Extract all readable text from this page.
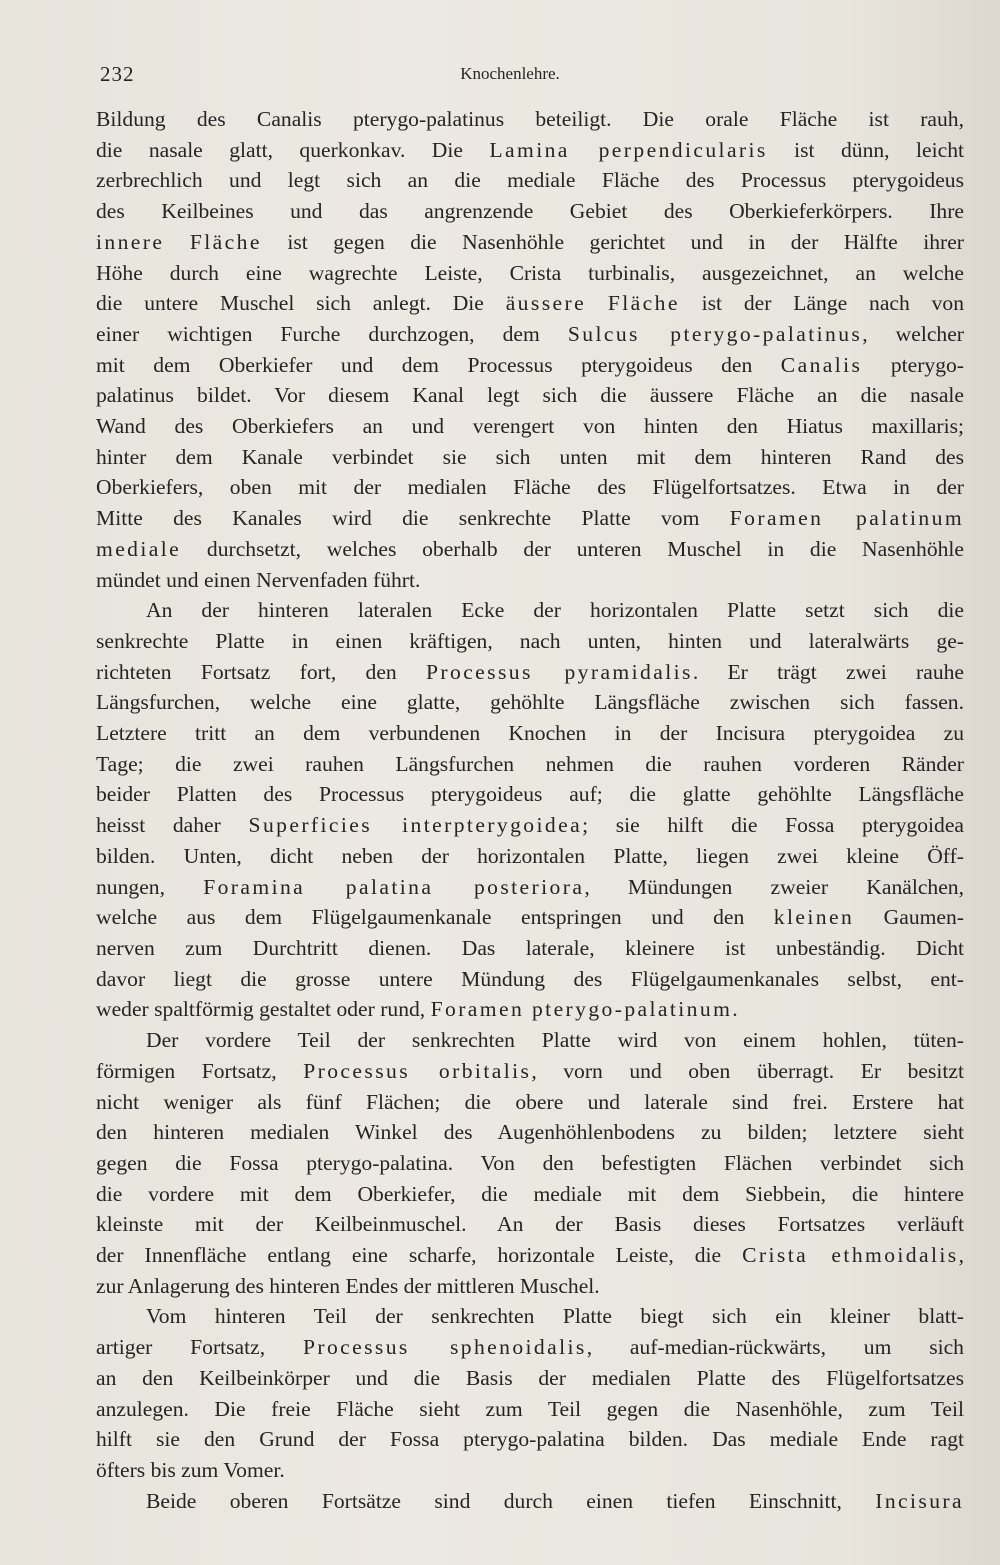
232	Knochenlehre.
Bildung des Canalis pterygo-palatinus beteiligt. Die orale Fläche ist rauh,
die nasale glatt, querkonkav. Die Lamina perpendicularis ist dünn, leicht
zerbrechlich und legt sich an die mediale Fläche des Processus pterygoideus
des Keilbeines und das angrenzende Gebiet des Oberkieferkörpers. Ihre
innere Fläche ist gegen die Nasenhöhle gerichtet und in der Hälfte ihrer
Höhe durch eine wagrechte Leiste, Crista turbinalis, ausgezeichnet, an welche
die untere Muschel sich anlegt. Die äussere Fläche ist der Länge nach von
einer wichtigen Furche durchzogen, dem Sulcus pterygo-palatinus, welcher
mit dem Oberkiefer und dem Processus pterygoideus den Canalis pterygo-
palatinus bildet. Vor diesem Kanal legt sich die äussere Fläche an die nasale
Wand des Oberkiefers an und verengert von hinten den Hiatus maxillaris;
hinter dem Kanale verbindet sie sich unten mit dem hinteren Rand des
Oberkiefers, oben mit der medialen Fläche des Flügelfortsatzes. Etwa in der
Mitte des Kanales wird die senkrechte Platte vom Foramen palatinum
mediale durchsetzt, welches oberhalb der unteren Muschel in die Nasenhöhle
mündet und einen Nervenfaden führt.
An der hinteren lateralen Ecke der horizontalen Platte setzt sich die
senkrechte Platte in einen kräftigen, nach unten, hinten und lateralwärts ge-
richteten Fortsatz fort, den Processus pyramidalis. Er trägt zwei rauhe
Längsfurchen, welche eine glatte, gehöhlte Längsfläche zwischen sich fassen.
Letztere tritt an dem verbundenen Knochen in der Incisura pterygoidea zu
Tage; die zwei rauhen Längsfurchen nehmen die rauhen vorderen Ränder
beider Platten des Processus pterygoideus auf; die glatte gehöhlte Längsfläche
heisst daher Superficies interpterygoidea; sie hilft die Fossa pterygoidea
bilden. Unten, dicht neben der horizontalen Platte, liegen zwei kleine Öff-
nungen, Foramina palatina posteriora, Mündungen zweier Kanälchen,
welche aus dem Flügelgaumenkanale entspringen und den kleinen Gaumen-
nerven zum Durchtritt dienen. Das laterale, kleinere ist unbeständig. Dicht
davor liegt die grosse untere Mündung des Flügelgaumenkanales selbst, ent-
weder spaltförmig gestaltet oder rund, Foramen pterygo-palatinum.
Der vordere Teil der senkrechten Platte wird von einem hohlen, tüten-
förmigen Fortsatz, Processus orbitalis, vorn und oben überragt. Er besitzt
nicht weniger als fünf Flächen; die obere und laterale sind frei. Erstere hat
den hinteren medialen Winkel des Augenhöhlenbodens zu bilden; letztere sieht
gegen die Fossa pterygo-palatina. Von den befestigten Flächen verbindet sich
die vordere mit dem Oberkiefer, die mediale mit dem Siebbein, die hintere
kleinste mit der Keilbeinmuschel. An der Basis dieses Fortsatzes verläuft
der Innenfläche entlang eine scharfe, horizontale Leiste, die Crista ethmoidalis,
zur Anlagerung des hinteren Endes der mittleren Muschel.
Vom hinteren Teil der senkrechten Platte biegt sich ein kleiner blatt-
artiger Fortsatz, Processus sphenoidalis, auf-median-rückwärts, um sich
an den Keilbeinkörper und die Basis der medialen Platte des Flügelfortsatzes
anzulegen. Die freie Fläche sieht zum Teil gegen die Nasenhöhle, zum Teil
hilft sie den Grund der Fossa pterygo-palatina bilden. Das mediale Ende ragt
öfters bis zum Vomer.
Beide oberen Fortsätze sind durch einen tiefen Einschnitt, Incisura
